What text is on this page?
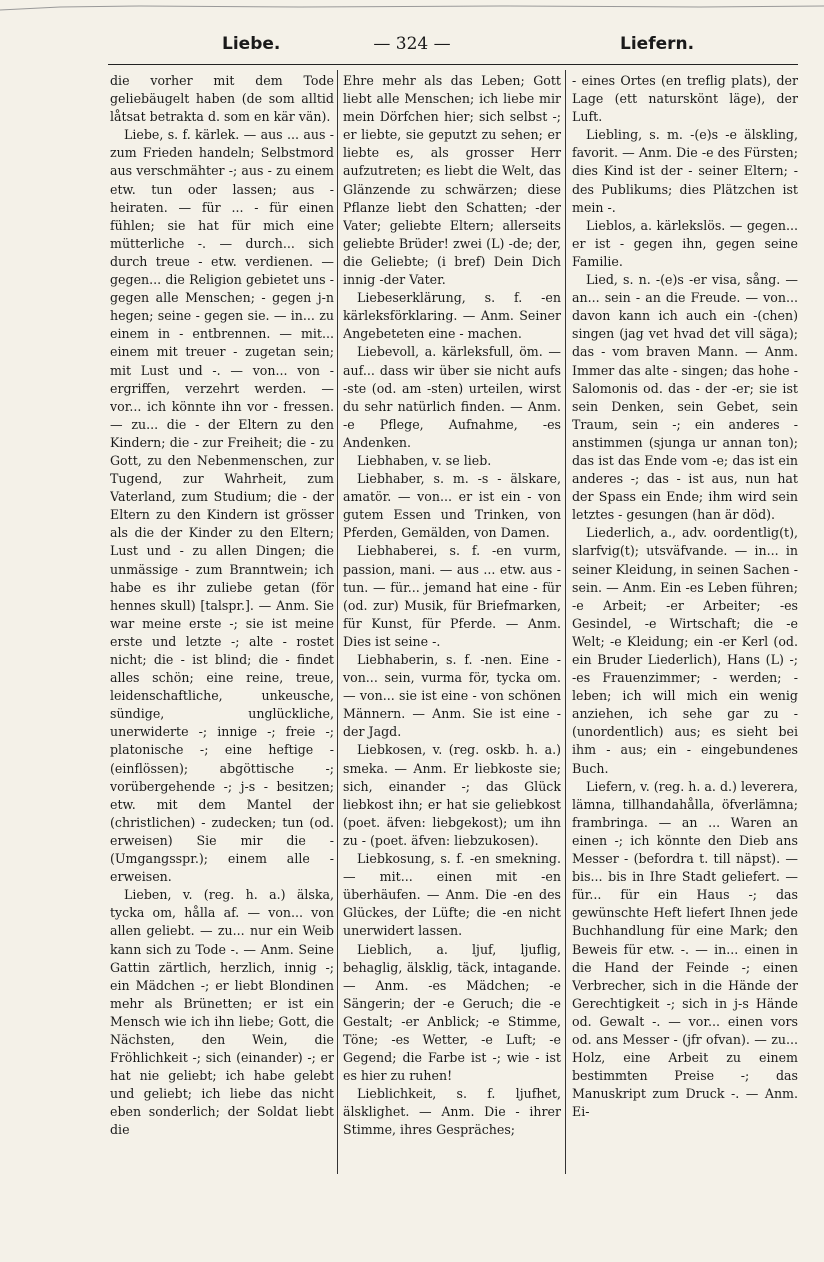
Liebe.	— 324 —	Liefern.

die vorher mit dem Tode geliebäugelt haben (de som alltid låtsat betrakta d. som en kär vän).

Liebe, s. f. kärlek. — aus ... aus - zum Frieden handeln; Selbstmord aus verschmähter -; aus - zu einem etw. tun oder lassen; aus - heiraten. — für ... - für einen fühlen; sie hat für mich eine mütterliche -. — durch... sich durch treue - etw. verdienen. — gegen... die Religion gebietet uns - gegen alle Menschen; - gegen j-n hegen; seine - gegen sie. — in... zu einem in - entbrennen. — mit... einem mit treuer - zugetan sein; mit Lust und -. — von... von - ergriffen, verzehrt werden. — vor... ich könnte ihn vor - fressen. — zu... die - der Eltern zu den Kindern; die - zur Freiheit; die - zu Gott, zu den Nebenmenschen, zur Tugend, zur Wahrheit, zum Vaterland, zum Studium; die - der Eltern zu den Kindern ist grösser als die der Kinder zu den Eltern; Lust und - zu allen Dingen; die unmässige - zum Branntwein; ich habe es ihr zuliebe getan (för hennes skull) [talspr.]. — Anm. Sie war meine erste -; sie ist meine erste und letzte -; alte - rostet nicht; die - ist blind; die - findet alles schön; eine reine, treue, leidenschaftliche, unkeusche, sündige, unglückliche, unerwiderte -; innige -; freie -; platonische -; eine heftige - (einflössen); abgöttische -; vorübergehende -; j-s - besitzen; etw. mit dem Mantel der (christlichen) - zudecken; tun (od. erweisen) Sie mir die - (Umgangsspr.); einem alle - erweisen.

Lieben, v. (reg. h. a.) älska, tycka om, hålla af. — von... von allen geliebt. — zu... nur ein Weib kann sich zu Tode -. — Anm. Seine Gattin zärtlich, herzlich, innig -; ein Mädchen -; er liebt Blondinen mehr als Brünetten; er ist ein Mensch wie ich ihn liebe; Gott, die Nächsten, den Wein, die Fröhlichkeit -; sich (einander) -; er hat nie geliebt; ich habe gelebt und geliebt; ich liebe das nicht eben sonderlich; der Soldat liebt die

Ehre mehr als das Leben; Gott liebt alle Menschen; ich liebe mir mein Dörfchen hier; sich selbst -; er liebte, sie geputzt zu sehen; er liebte es, als grosser Herr aufzutreten; es liebt die Welt, das Glänzende zu schwärzen; diese Pflanze liebt den Schatten; -der Vater; geliebte Eltern; allerseits geliebte Brüder! zwei (L) -de; der, die Geliebte; (i bref) Dein Dich innig -der Vater.

Liebeserklärung, s. f. -en kärleksförklaring. — Anm. Seiner Angebeteten eine - machen.

Liebevoll, a. kärleksfull, öm. — auf... dass wir über sie nicht aufs -ste (od. am -sten) urteilen, wirst du sehr natürlich finden. — Anm. -e Pflege, Aufnahme, -es Andenken.

Liebhaben, v. se lieb.

Liebhaber, s. m. -s - älskare, amatör. — von... er ist ein - von gutem Essen und Trinken, von Pferden, Gemälden, von Damen.

Liebhaberei, s. f. -en vurm, passion, mani. — aus ... etw. aus - tun. — für... jemand hat eine - für (od. zur) Musik, für Briefmarken, für Kunst, für Pferde. — Anm. Dies ist seine -.

Liebhaberin, s. f. -nen. Eine - von... sein, vurma för, tycka om. — von... sie ist eine - von schönen Männern. — Anm. Sie ist eine - der Jagd.

Liebkosen, v. (reg. oskb. h. a.) smeka. — Anm. Er liebkoste sie; sich, einander -; das Glück liebkost ihn; er hat sie geliebkost (poet. äfven: liebgekost); um ihn zu - (poet. äfven: liebzukosen).

Liebkosung, s. f. -en smekning. — mit... einen mit -en überhäufen. — Anm. Die -en des Glückes, der Lüfte; die -en nicht unerwidert lassen.

Lieblich, a. ljuf, ljuflig, behaglig, älsklig, täck, intagande. — Anm. -es Mädchen; -e Sängerin; der -e Geruch; die -e Gestalt; -er Anblick; -e Stimme, Töne; -es Wetter, -e Luft; -e Gegend; die Farbe ist -; wie - ist es hier zu ruhen!

Lieblichkeit, s. f. ljufhet, älsklighet. — Anm. Die - ihrer Stimme, ihres Gespräches;

- eines Ortes (en treflig plats), der Lage (ett naturskönt läge), der Luft.

Liebling, s. m. -(e)s -e älskling, favorit. — Anm. Die -e des Fürsten; dies Kind ist der - seiner Eltern; - des Publikums; dies Plätzchen ist mein -.

Lieblos, a. kärlekslös. — gegen... er ist - gegen ihn, gegen seine Familie.

Lied, s. n. -(e)s -er visa, sång. — an... sein - an die Freude. — von... davon kann ich auch ein -(chen) singen (jag vet hvad det vill säga); das - vom braven Mann. — Anm. Immer das alte - singen; das hohe - Salomonis od. das - der -er; sie ist sein Denken, sein Gebet, sein Traum, sein -; ein anderes -anstimmen (sjunga ur annan ton); das ist das Ende vom -e; das ist ein anderes -; das - ist aus, nun hat der Spass ein Ende; ihm wird sein letztes - gesungen (han är död).

Liederlich, a., adv. oordentlig(t), slarfvig(t); utsväfvande. — in... in seiner Kleidung, in seinen Sachen - sein. — Anm. Ein -es Leben führen; -e Arbeit; -er Arbeiter; -es Gesindel, -e Wirtschaft; die -e Welt; -e Kleidung; ein -er Kerl (od. ein Bruder Liederlich), Hans (L) -; -es Frauenzimmer; - werden; - leben; ich will mich ein wenig anziehen, ich sehe gar zu - (unordentlich) aus; es sieht bei ihm - aus; ein - eingebundenes Buch.

Liefern, v. (reg. h. a. d.) leverera, lämna, tillhandahålla, öfverlämna; frambringa. — an ... Waren an einen -; ich könnte den Dieb ans Messer - (befordra t. till näpst). — bis... bis in Ihre Stadt geliefert. — für... für ein Haus -; das gewünschte Heft liefert Ihnen jede Buchhandlung für eine Mark; den Beweis für etw. -. — in... einen in die Hand der Feinde -; einen Verbrecher, sich in die Hände der Gerechtigkeit -; sich in j-s Hände od. Gewalt -. — vor... einen vors od. ans Messer - (jfr ofvan). — zu... Holz, eine Arbeit zu einem bestimmten Preise -; das Manuskript zum Druck -. — Anm. Ei-
